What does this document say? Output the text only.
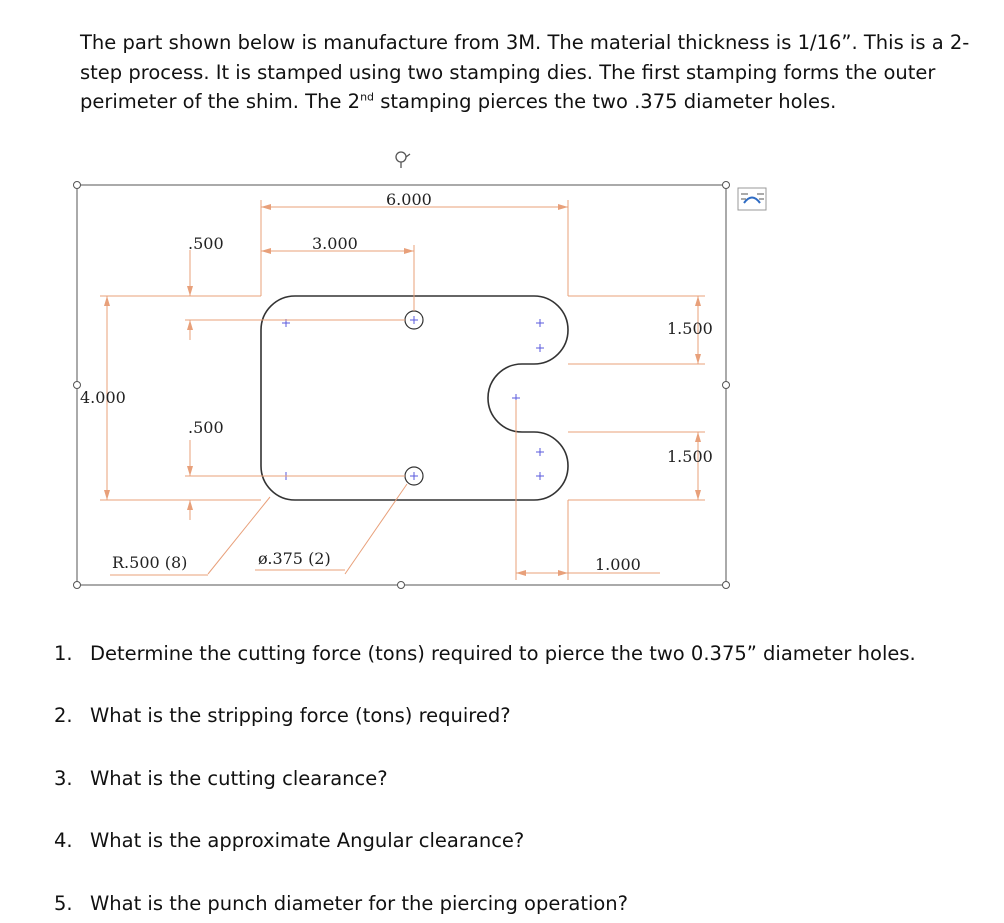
The part shown below is manufacture from 3M. The material thickness is 1/16”. This is a 2-step process. It is stamped using two stamping dies. The first stamping forms the outer perimeter of the shim. The 2nd stamping pierces the two .375 diameter holes.

6.000
3.000
.500
.500
4.000
1.500
1.500
1.000
R.500 (8)	ø.375 (2)

1. Determine the cutting force (tons) required to pierce the two 0.375” diameter holes.

2. What is the stripping force (tons) required?

3. What is the cutting clearance?

4. What is the approximate Angular clearance?

5. What is the punch diameter for the piercing operation?
